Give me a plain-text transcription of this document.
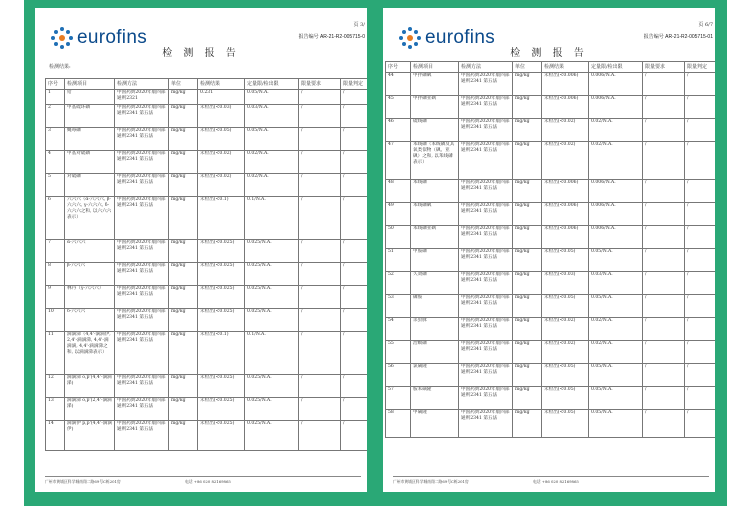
eurofins
页 3/
报告编号 AR-21-R2-005715-0
检 测 报 告
检测结果:
序号	检测项目	检测方法	单位	检测结果	定量限/检出限	限量要求	限量判定
1	铅	中国药典2020年版四部通则2321	mg/kg	0.231	0.05/N.A.	/	/
2	甲基硫环磷	中国药典2020年版四部通则2341 第五法	mg/kg	未检出(<0.03)	0.03/N.A.	/	/
3	蝇毒磷	中国药典2020年版四部通则2341 第五法	mg/kg	未检出(<0.05)	0.05/N.A.	/	/
4	甲基对硫磷	中国药典2020年版四部通则2341 第五法	mg/kg	未检出(<0.02)	0.02/N.A.	/	/
5	对硫磷	中国药典2020年版四部通则2341 第五法	mg/kg	未检出(<0.02)	0.02/N.A.	/	/
6	六六六（α-六六六, β-六六六, γ-六六六, δ-六六六之和, 以六六六表示）	中国药典2020年版四部通则2341 第五法	mg/kg	未检出(<0.1)	0.1/N.A.	/	/
7	α-六六六	中国药典2020年版四部通则2341 第五法	mg/kg	未检出(<0.025)	0.025/N.A.	/	/
8	β-六六六	中国药典2020年版四部通则2341 第五法	mg/kg	未检出(<0.025)	0.025/N.A.	/	/
9	林丹（γ-六六六）	中国药典2020年版四部通则2341 第五法	mg/kg	未检出(<0.025)	0.025/N.A.	/	/
10	δ-六六六	中国药典2020年版四部通则2341 第五法	mg/kg	未检出(<0.025)	0.025/N.A.	/	/
11	滴滴涕（4,4'-滴滴伊, 2,4'-滴滴涕, 4,4'-滴滴滴, 4,4'-滴滴涕之和, 以滴滴涕表示）	中国药典2020年版四部通则2341 第五法	mg/kg	未检出(<0.1)	0.1/N.A.	/	/
12	滴滴涕 o,p'(4,4'-滴滴涕)	中国药典2020年版四部通则2341 第五法	mg/kg	未检出(<0.025)	0.025/N.A.	/	/
13	滴滴涕 o,p'(2,4'-滴滴涕)	中国药典2020年版四部通则2341 第五法	mg/kg	未检出(<0.025)	0.025/N.A.	/	/
14	滴滴伊 p,p'(4,4'-滴滴伊)	中国药典2020年版四部通则2341 第五法	mg/kg	未检出(<0.025)	0.025/N.A.	/	/
广州市黄埔区科学城南翔二路69号C栋201房	电话 +86 020 82169865
eurofins
页 6/7
报告编号 AR-21-R2-005715-01
检 测 报 告
序号	检测项目	检测方法	单位	检测结果	定量限/检出限	限量要求	限量判定
44	甲拌磷砜	中国药典2020年版四部通则2341 第五法	mg/kg	未检出(<0.006)	0.006/N.A.	/	/
45	甲拌磷亚砜	中国药典2020年版四部通则2341 第五法	mg/kg	未检出(<0.006)	0.006/N.A.	/	/
46	硫线磷	中国药典2020年版四部通则2341 第五法	mg/kg	未检出(<0.02)	0.02/N.A.	/	/
47	苯线磷（苯线磷及其氧类似物（砜、亚砜）之和, 以苯线磷表示）	中国药典2020年版四部通则2341 第五法	mg/kg	未检出(<0.02)	0.02/N.A.	/	/
48	苯线磷	中国药典2020年版四部通则2341 第五法	mg/kg	未检出(<0.006)	0.006/N.A.	/	/
49	苯线磷砜	中国药典2020年版四部通则2341 第五法	mg/kg	未检出(<0.006)	0.006/N.A.	/	/
50	苯线磷亚砜	中国药典2020年版四部通则2341 第五法	mg/kg	未检出(<0.006)	0.006/N.A.	/	/
51	甲胺磷	中国药典2020年版四部通则2341 第五法	mg/kg	未检出(<0.05)	0.05/N.A.	/	/
52	久效磷	中国药典2020年版四部通则2341 第五法	mg/kg	未检出(<0.03)	0.03/N.A.	/	/
53	磷胺	中国药典2020年版四部通则2341 第五法	mg/kg	未检出(<0.05)	0.05/N.A.	/	/
54	杀虫脒	中国药典2020年版四部通则2341 第五法	mg/kg	未检出(<0.02)	0.02/N.A.	/	/
55	治螟磷	中国药典2020年版四部通则2341 第五法	mg/kg	未检出(<0.02)	0.02/N.A.	/	/
56	氯磺隆	中国药典2020年版四部通则2341 第五法	mg/kg	未检出(<0.05)	0.05/N.A.	/	/
57	胺苯磺隆	中国药典2020年版四部通则2341 第五法	mg/kg	未检出(<0.05)	0.05/N.A.	/	/
58	甲磺隆	中国药典2020年版四部通则2341 第五法	mg/kg	未检出(<0.05)	0.05/N.A.	/	/
广州市黄埔区科学城南翔二路69号C栋201房	电话 +86 020 82169865
